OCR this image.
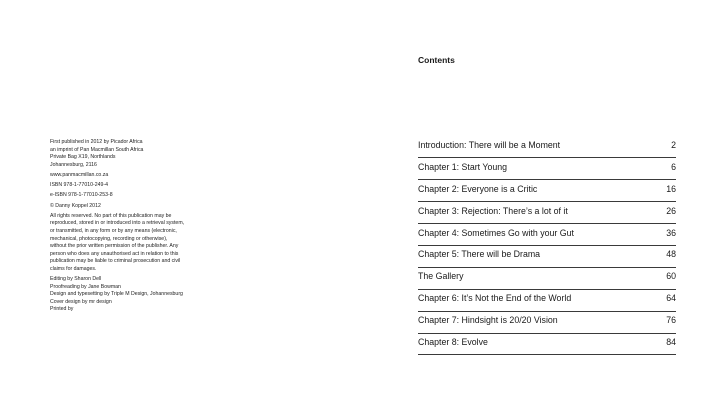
First published in 2012 by Picador Africa
an imprint of Pan Macmillan South Africa
Private Bag X19, Northlands
Johannesburg, 2116
www.panmacmillan.co.za
ISBN 978-1-77010-249-4
e-ISBN 978-1-77010-253-8
© Danny Koppel 2012
All rights reserved. No part of this publication may be
reproduced, stored in or introduced into a retrieval system,
or transmitted, in any form or by any means (electronic,
mechanical, photocopying, recording or otherwise),
without the prior written permission of the publisher. Any
person who does any unauthorised act in relation to this
publication may be liable to criminal prosecution and civil
claims for damages.
Editing by Sharon Dell
Proofreading by Jane Bowman
Design and typesetting by Triple M Design, Johannesburg
Cover design by mr design
Printed by
Contents
Introduction: There will be a Moment	2
Chapter 1: Start Young	6
Chapter 2: Everyone is a Critic	16
Chapter 3: Rejection: There’s a lot of it	26
Chapter 4: Sometimes Go with your Gut	36
Chapter 5: There will be Drama	48
The Gallery	60
Chapter 6: It’s Not the End of the World	64
Chapter 7: Hindsight is 20/20 Vision	76
Chapter 8: Evolve	84
